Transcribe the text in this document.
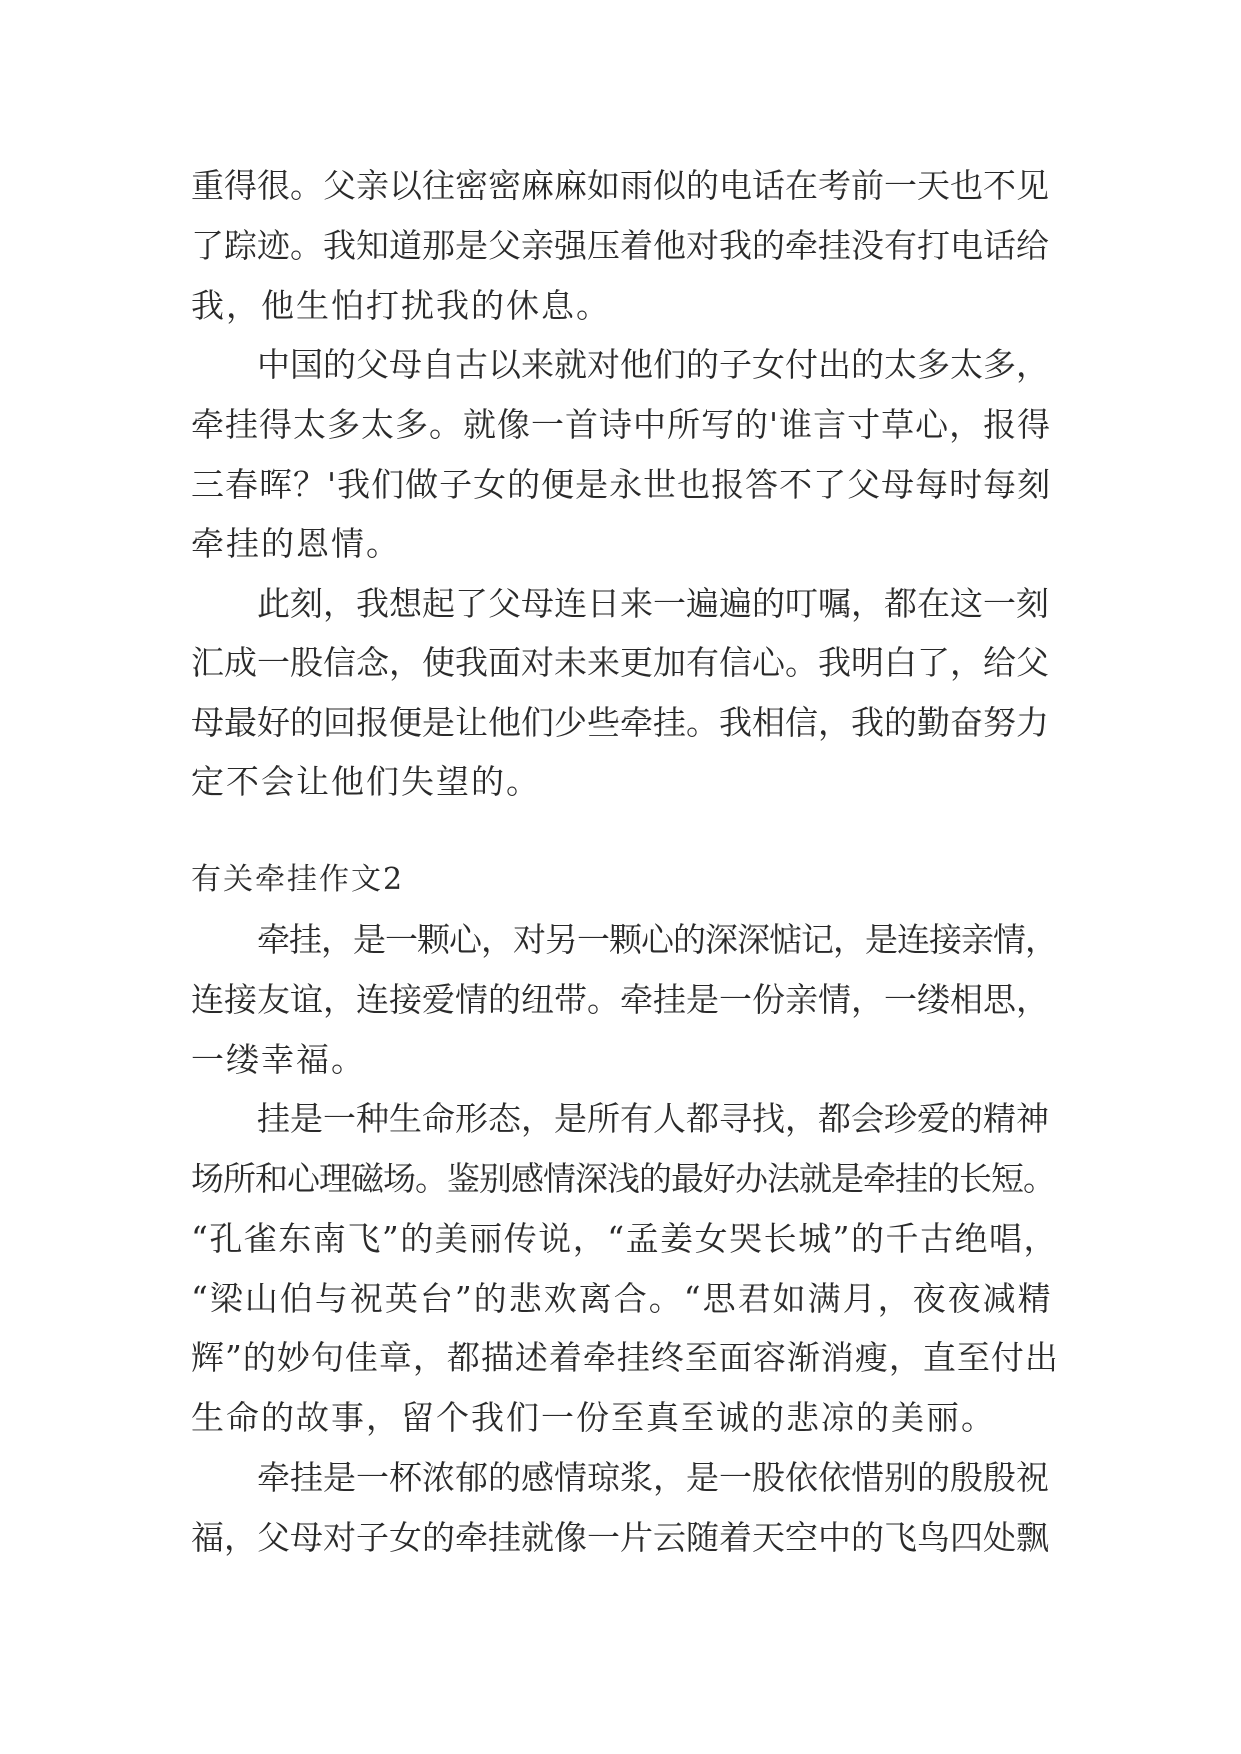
重得很。父亲以往密密麻麻如雨似的电话在考前一天也不见
了踪迹。我知道那是父亲强压着他对我的牵挂没有打电话给
我，他生怕打扰我的休息。
中国的父母自古以来就对他们的子女付出的太多太多，
牵挂得太多太多。就像一首诗中所写的'谁言寸草心，报得
三春晖？'我们做子女的便是永世也报答不了父母每时每刻
牵挂的恩情。
此刻，我想起了父母连日来一遍遍的叮嘱，都在这一刻
汇成一股信念，使我面对未来更加有信心。我明白了，给父
母最好的回报便是让他们少些牵挂。我相信，我的勤奋努力
定不会让他们失望的。
有关牵挂作文2
牵挂，是一颗心，对另一颗心的深深惦记，是连接亲情，
连接友谊，连接爱情的纽带。牵挂是一份亲情，一缕相思，
一缕幸福。
挂是一种生命形态，是所有人都寻找，都会珍爱的精神
场所和心理磁场。鉴别感情深浅的最好办法就是牵挂的长短。
“孔雀东南飞”的美丽传说，“孟姜女哭长城”的千古绝唱，
“梁山伯与祝英台”的悲欢离合。“思君如满月，夜夜减精
辉”的妙句佳章，都描述着牵挂终至面容渐消瘦，直至付出
生命的故事，留个我们一份至真至诚的悲凉的美丽。
牵挂是一杯浓郁的感情琼浆，是一股依依惜别的殷殷祝
福，父母对子女的牵挂就像一片云随着天空中的飞鸟四处飘
